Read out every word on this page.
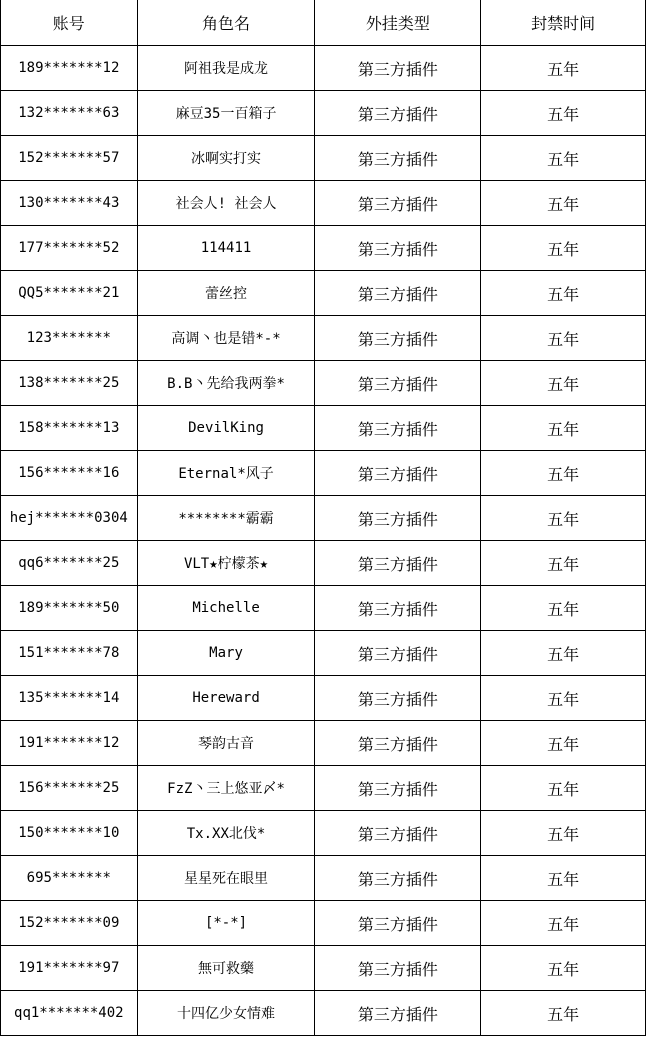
账号	角色名	外挂类型	封禁时间
189*******12	阿祖我是成龙	第三方插件	五年
132*******63	麻豆35一百箱子	第三方插件	五年
152*******57	冰啊实打实	第三方插件	五年
130*******43	社会人! 社会人	第三方插件	五年
177*******52	114411	第三方插件	五年
QQ5*******21	蕾丝控	第三方插件	五年
123*******	高调丶也是错*-*	第三方插件	五年
138*******25	B.B丶先给我两拳*	第三方插件	五年
158*******13	DevilKing	第三方插件	五年
156*******16	Eternal*风子	第三方插件	五年
hej*******0304	********霸霸	第三方插件	五年
qq6*******25	VLT★柠檬茶★	第三方插件	五年
189*******50	Michelle	第三方插件	五年
151*******78	Mary	第三方插件	五年
135*******14	Hereward	第三方插件	五年
191*******12	琴韵古音	第三方插件	五年
156*******25	FzZ丶三上悠亚〆*	第三方插件	五年
150*******10	Tx.XX北伐*	第三方插件	五年
695*******	星星死在眼里	第三方插件	五年
152*******09	[*-*]	第三方插件	五年
191*******97	無可救藥	第三方插件	五年
qq1*******402	十四亿少女情难	第三方插件	五年
